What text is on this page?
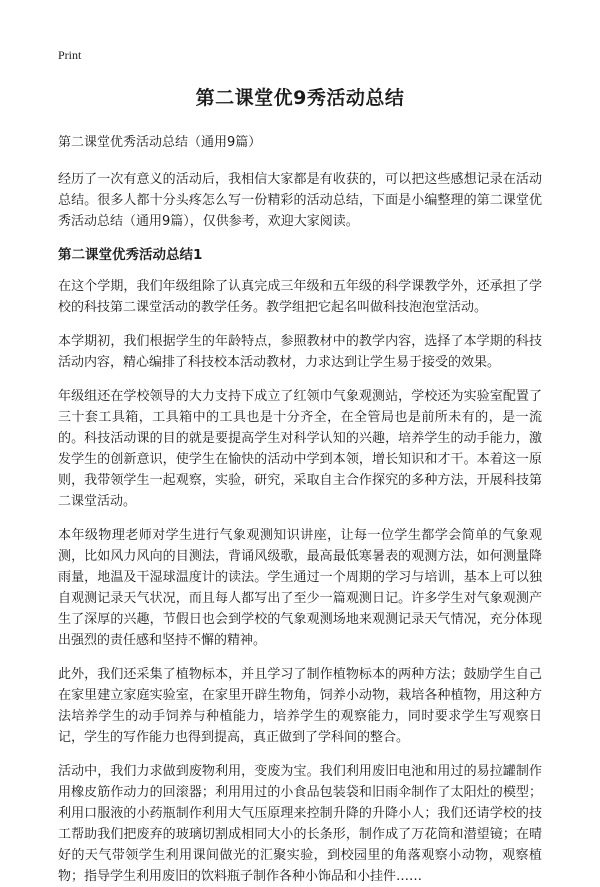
Print
第二课堂优9秀活动总结
第二课堂优秀活动总结（通用9篇）

经历了一次有意义的活动后，我相信大家都是有收获的，可以把这些感想记录在活动总结。很多人都十分头疼怎么写一份精彩的活动总结，下面是小编整理的第二课堂优秀活动总结（通用9篇），仅供参考，欢迎大家阅读。

第二课堂优秀活动总结1

在这个学期，我们年级组除了认真完成三年级和五年级的科学课教学外，还承担了学校的科技第二课堂活动的教学任务。教学组把它起名叫做科技泡泡堂活动。

本学期初，我们根据学生的年龄特点，参照教材中的教学内容，选择了本学期的科技活动内容，精心编排了科技校本活动教材，力求达到让学生易于接受的效果。

年级组还在学校领导的大力支持下成立了红领巾气象观测站，学校还为实验室配置了三十套工具箱，工具箱中的工具也是十分齐全，在全管局也是前所未有的，是一流的。科技活动课的目的就是要提高学生对科学认知的兴趣，培养学生的动手能力，激发学生的创新意识，使学生在愉快的活动中学到本领，增长知识和才干。本着这一原则，我带领学生一起观察，实验，研究，采取自主合作探究的多种方法，开展科技第二课堂活动。

本年级物理老师对学生进行气象观测知识讲座，让每一位学生都学会简单的气象观测，比如风力风向的目测法，背诵风级歌，最高最低寒暑表的观测方法，如何测量降雨量，地温及干湿球温度计的读法。学生通过一个周期的学习与培训，基本上可以独自观测记录天气状况，而且每人都写出了至少一篇观测日记。许多学生对气象观测产生了深厚的兴趣，节假日也会到学校的气象观测场地来观测记录天气情况，充分体现出强烈的责任感和坚持不懈的精神。

此外，我们还采集了植物标本，并且学习了制作植物标本的两种方法；鼓励学生自己在家里建立家庭实验室，在家里开辟生物角，饲养小动物，栽培各种植物，用这种方法培养学生的动手饲养与种植能力，培养学生的观察能力，同时要求学生写观察日记，学生的写作能力也得到提高，真正做到了学科间的整合。

活动中，我们力求做到废物利用，变废为宝。我们利用废旧电池和用过的易拉罐制作用橡皮筋作动力的回滚器；利用用过的小食品包装袋和旧雨伞制作了太阳灶的模型；利用口服液的小药瓶制作利用大气压原理来控制升降的升降小人；我们还请学校的技工帮助我们把废弃的玻璃切割成相同大小的长条形，制作成了万花筒和潜望镜；在晴好的天气带领学生利用课间做光的汇聚实验，到校园里的角落观察小动物，观察植物；指导学生利用废旧的饮料瓶子制作各种小饰品和小挂件……
